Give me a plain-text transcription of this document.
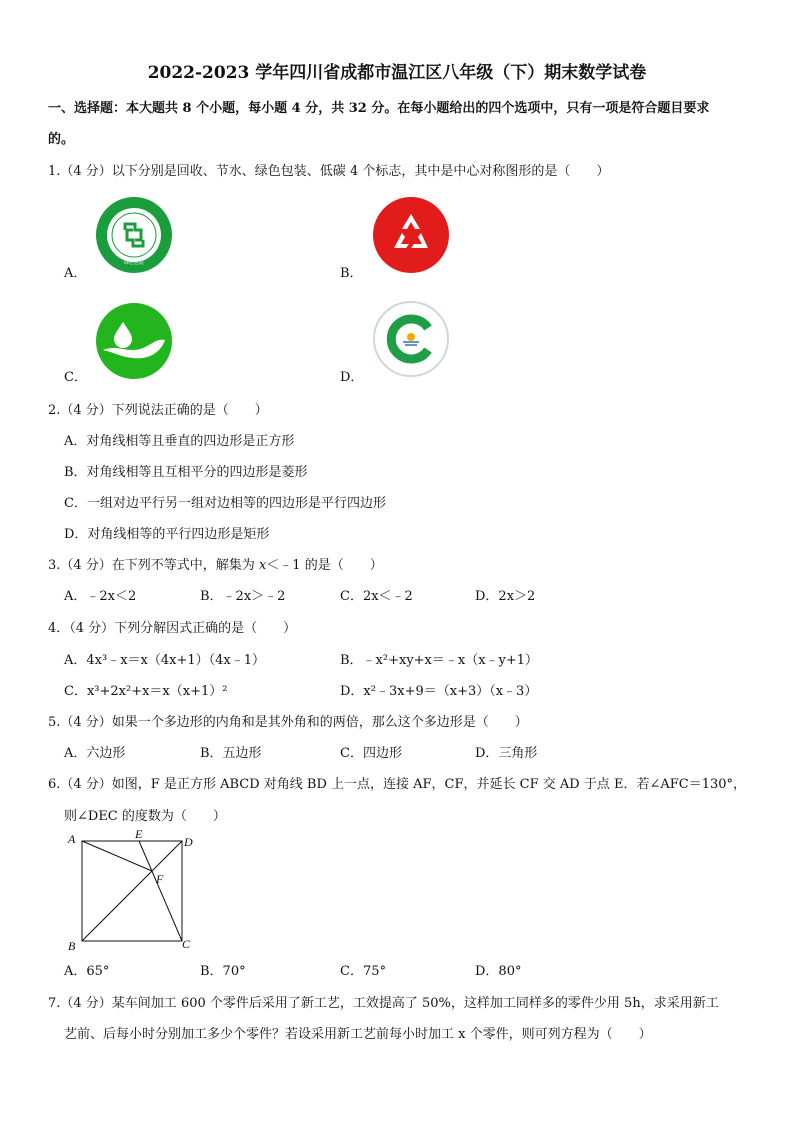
2022-2023 学年四川省成都市温江区八年级（下）期末数学试卷
一、选择题：本大题共 8 个小题，每小题 4 分，共 32 分。在每小题给出的四个选项中，只有一项是符合题目要求
的。
1.（4 分）以下分别是回收、节水、绿色包装、低碳 4 个标志，其中是中心对称图形的是（　　）
绿色包装
A．	B．
C．	D．
2.（4 分）下列说法正确的是（　　）
A．对角线相等且垂直的四边形是正方形
B．对角线相等且互相平分的四边形是菱形
C．一组对边平行另一组对边相等的四边形是平行四边形
D．对角线相等的平行四边形是矩形
3.（4 分）在下列不等式中，解集为 x＜﹣1 的是（　　）
A．﹣2x＜2	B．﹣2x＞﹣2	C．2x＜﹣2	D．2x＞2
4．（4 分）下列分解因式正确的是（　　）
A．4x³﹣x＝x（4x+1）（4x﹣1）	B．﹣x²+xy+x＝﹣x（x﹣y+1）
C．x³+2x²+x＝x（x+1）²	D．x²﹣3x+9＝（x+3）（x﹣3）
5.（4 分）如果一个多边形的内角和是其外角和的两倍，那么这个多边形是（　　）
A．六边形	B．五边形	C．四边形	D．三角形
6.（4 分）如图，F 是正方形 ABCD 对角线 BD 上一点，连接 AF，CF，并延长 CF 交 AD 于点 E．若∠AFC＝130°，
则∠DEC 的度数为（　　）
A	E
D
F
B	C
A．65°	B．70°	C．75°	D．80°
7.（4 分）某车间加工 600 个零件后采用了新工艺，工效提高了 50%，这样加工同样多的零件少用 5h，求采用新工
艺前、后每小时分别加工多少个零件？若设采用新工艺前每小时加工 x 个零件，则可列方程为（　　）
